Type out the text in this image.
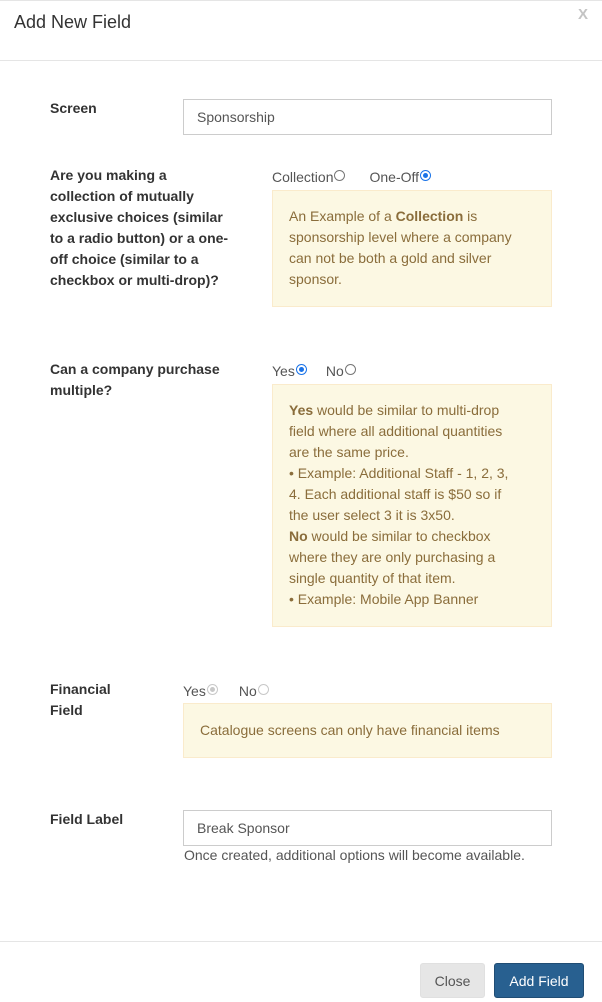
Add New Field	X
Screen
Sponsorship
Are you making a
collection of mutually
exclusive choices (similar
to a radio button) or a one-
off choice (similar to a
checkbox or multi-drop)?
Collection	One-Off
An Example of a Collection is
sponsorship level where a company
can not be both a gold and silver
sponsor.
Can a company purchase
multiple?
Yes No
Yes would be similar to multi-drop
field where all additional quantities
are the same price.
• Example: Additional Staff - 1, 2, 3,
4. Each additional staff is $50 so if
the user select 3 it is 3x50.
No would be similar to checkbox
where they are only purchasing a
single quantity of that item.
• Example: Mobile App Banner
Financial
Field
Yes No
Catalogue screens can only have financial items
Field Label
Break Sponsor
Once created, additional options will become available.
Close	Add Field
